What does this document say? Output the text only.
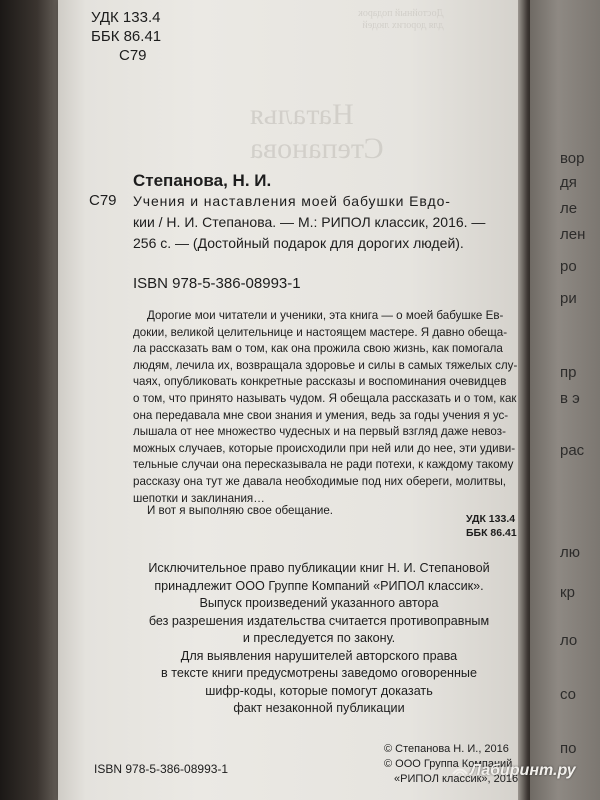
вор
дя
ле
лен
ро
ри
пр
в э
рас
лю
кр
ло
со
по
Достойный подарок
для дорогих людей
Наталья Степанова
УДК 133.4
ББК 86.41
С79
Степанова, Н. И.
С79 Учения и наставления моей бабушки Евдо-
кии / Н. И. Степанова. — М.: РИПОЛ классик, 2016. —
256 с. — (Достойный подарок для дорогих людей).
ISBN 978-5-386-08993-1
Дорогие мои читатели и ученики, эта книга — о моей бабушке Ев-
докии, великой целительнице и настоящем мастере. Я давно обеща-
ла рассказать вам о том, как она прожила свою жизнь, как помогала
людям, лечила их, возвращала здоровье и силы в самых тяжелых слу-
чаях, опубликовать конкретные рассказы и воспоминания очевидцев
о том, что принято называть чудом. Я обещала рассказать и о том, как
она передавала мне свои знания и умения, ведь за годы учения я ус-
лышала от нее множество чудесных и на первый взгляд даже невоз-
можных случаев, которые происходили при ней или до нее, эти удиви-
тельные случаи она пересказывала не ради потехи, к каждому такому
рассказу она тут же давала необходимые под них обереги, молитвы,
шепотки и заклинания…
И вот я выполняю свое обещание.
УДК 133.4
ББК 86.41
Исключительное право публикации книг Н. И. Степановой
принадлежит ООО Группе Компаний «РИПОЛ классик».
Выпуск произведений указанного автора
без разрешения издательства считается противоправным
и преследуется по закону.
Для выявления нарушителей авторского права
в тексте книги предусмотрены заведомо оговоренные
шифр-коды, которые помогут доказать
факт незаконной публикации
© Степанова Н. И., 2016
© ООО Группа Компаний
«РИПОЛ классик», 2016
ISBN 978-5-386-08993-1	Лабиринт.ру
